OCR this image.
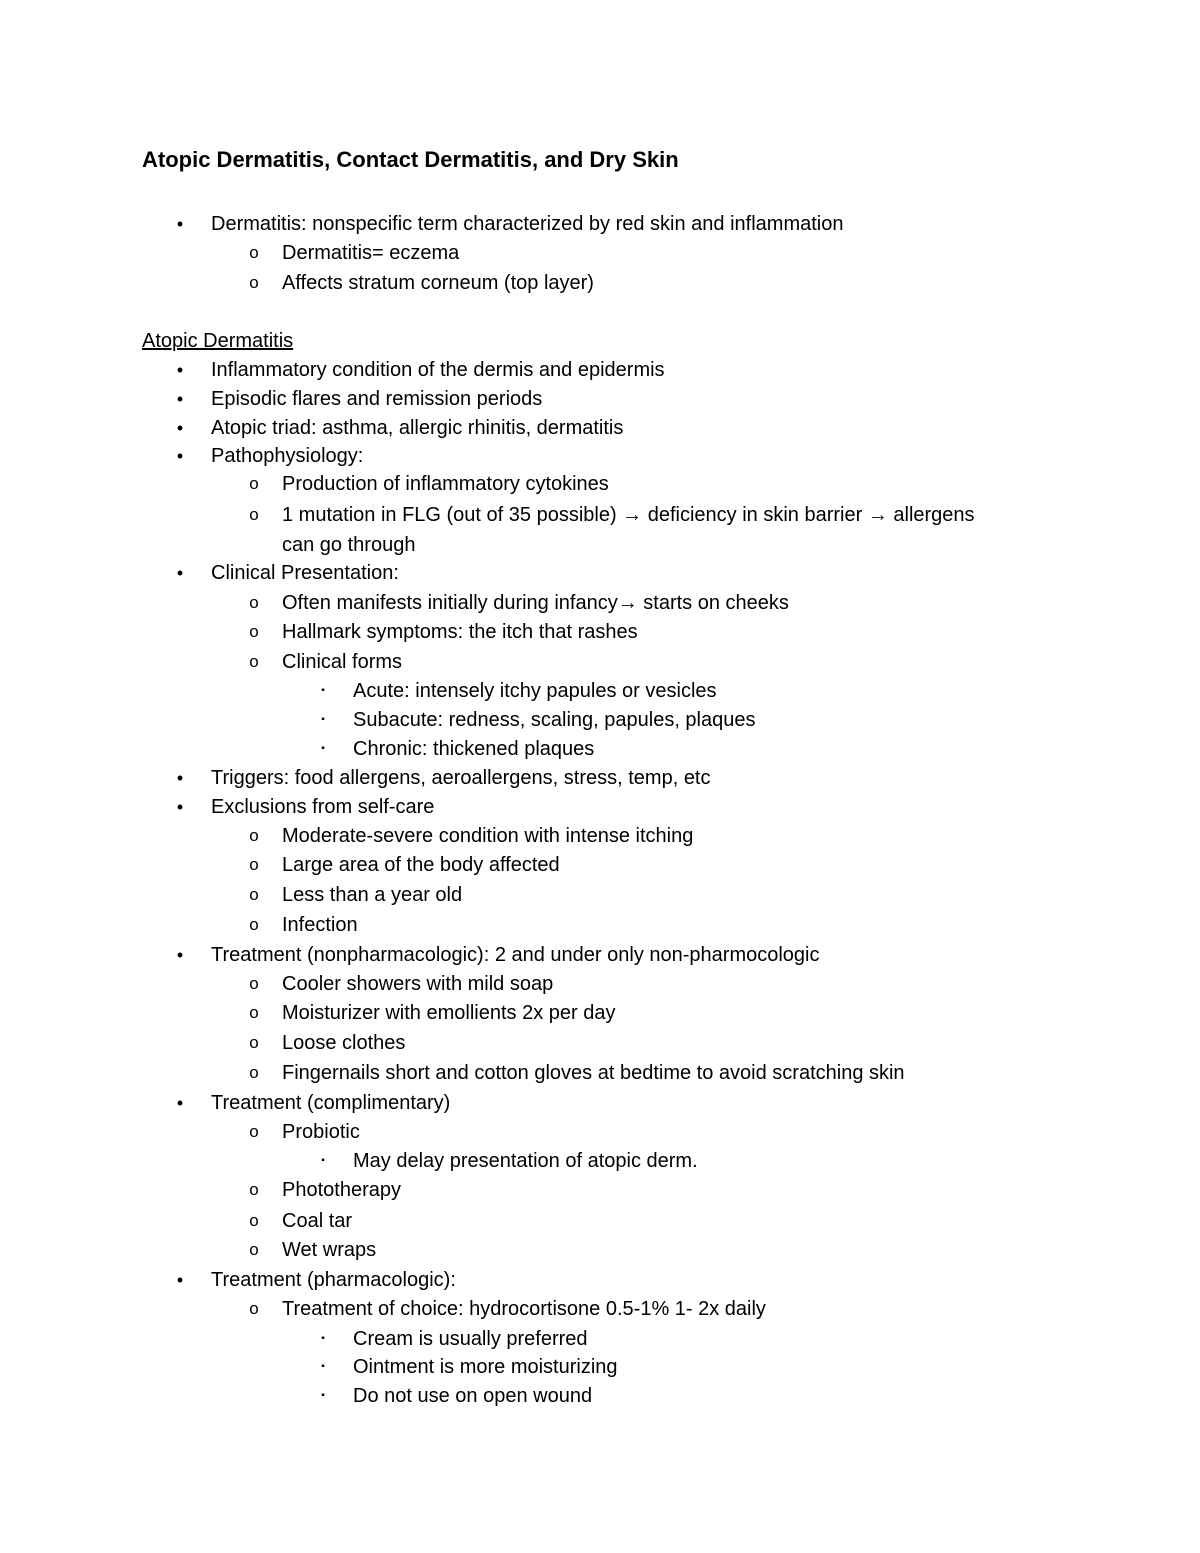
Atopic Dermatitis, Contact Dermatitis, and Dry Skin
•	Dermatitis: nonspecific term characterized by red skin and inflammation
o Dermatitis= eczema
o Affects stratum corneum (top layer)
Atopic Dermatitis
•	Inflammatory condition of the dermis and epidermis
•	Episodic flares and remission periods
•	Atopic triad: asthma, allergic rhinitis, dermatitis
•	Pathophysiology:
o Production of inflammatory cytokines
o 1 mutation in FLG (out of 35 possible) → deficiency in skin barrier → allergens
can go through
•	Clinical Presentation:
o Often manifests initially during infancy→ starts on cheeks
o Hallmark symptoms: the itch that rashes
o Clinical forms
▪	Acute: intensely itchy papules or vesicles
▪	Subacute: redness, scaling, papules, plaques
▪	Chronic: thickened plaques
•	Triggers: food allergens, aeroallergens, stress, temp, etc
•	Exclusions from self-care
o Moderate-severe condition with intense itching
o Large area of the body affected
o Less than a year old
o Infection
•	Treatment (nonpharmacologic): 2 and under only non-pharmocologic
o Cooler showers with mild soap
o Moisturizer with emollients 2x per day
o Loose clothes
o Fingernails short and cotton gloves at bedtime to avoid scratching skin
•	Treatment (complimentary)
o Probiotic
▪	May delay presentation of atopic derm.
o Phototherapy
o Coal tar
o Wet wraps
•	Treatment (pharmacologic):
o Treatment of choice: hydrocortisone 0.5-1% 1- 2x daily
▪	Cream is usually preferred
▪	Ointment is more moisturizing
▪	Do not use on open wound
